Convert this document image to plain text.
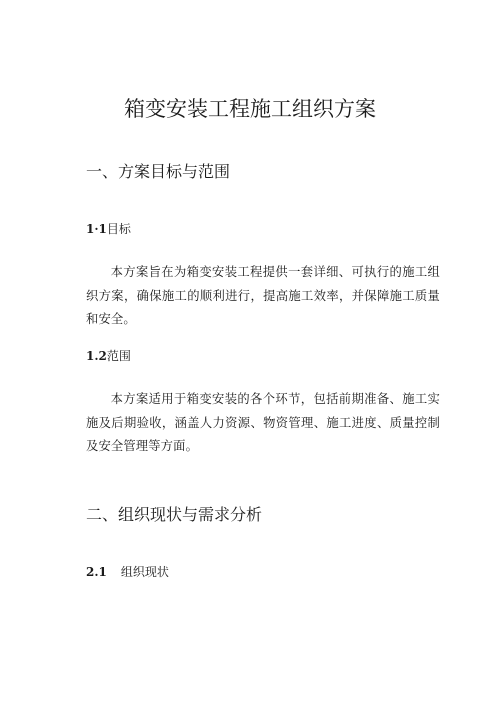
箱变安装工程施工组织方案
一、方案目标与范围
1·1目标

本方案旨在为箱变安装工程提供一套详细、可执行的施工组织方案，确保施工的顺利进行，提高施工效率，并保障施工质量和安全。

1.2范围

本方案适用于箱变安装的各个环节，包括前期准备、施工实施及后期验收，涵盖人力资源、物资管理、施工进度、质量控制及安全管理等方面。

二、组织现状与需求分析
2.1 组织现状
